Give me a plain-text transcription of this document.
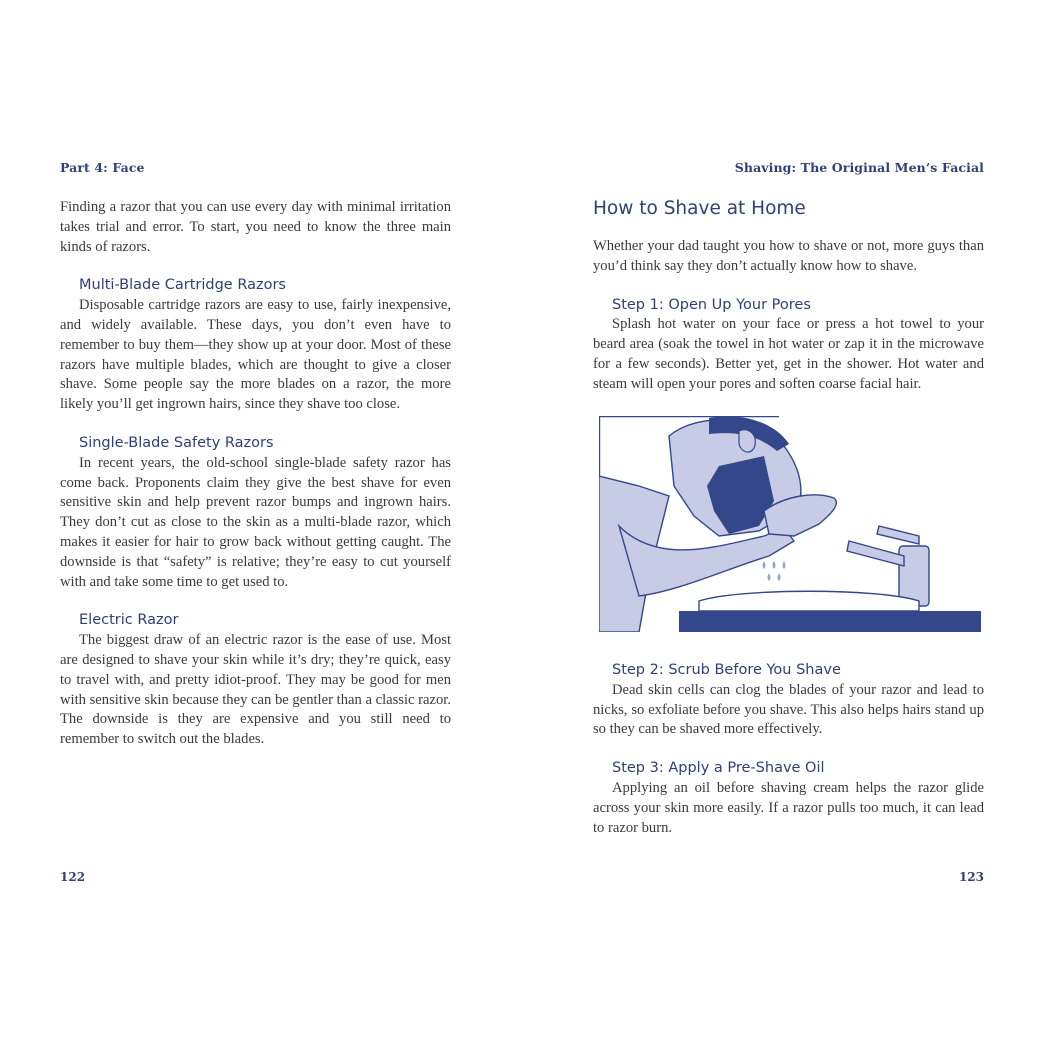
Part 4: Face

Finding a razor that you can use every day with minimal irritation takes trial and error. To start, you need to know the three main kinds of razors.

Multi-Blade Cartridge Razors

Disposable cartridge razors are easy to use, fairly inexpensive, and widely available. These days, you don’t even have to remember to buy them—they show up at your door. Most of these razors have multiple blades, which are thought to give a closer shave. Some people say the more blades on a razor, the more likely you’ll get ingrown hairs, since they shave too close.

Single-Blade Safety Razors

In recent years, the old-school single-blade safety razor has come back. Proponents claim they give the best shave for even sensitive skin and help prevent razor bumps and ingrown hairs. They don’t cut as close to the skin as a multi-blade razor, which makes it easier for hair to grow back without getting caught. The downside is that “safety” is relative; they’re easy to cut yourself with and take some time to get used to.

Electric Razor

The biggest draw of an electric razor is the ease of use. Most are designed to shave your skin while it’s dry; they’re quick, easy to travel with, and pretty idiot-proof. They may be good for men with sensitive skin because they can be gentler than a classic razor. The downside is they are expensive and you still need to remember to switch out the blades.

122
Shaving: The Original Men’s Facial
How to Shave at Home

Whether your dad taught you how to shave or not, more guys than you’d think say they don’t actually know how to shave.

Step 1: Open Up Your Pores

Splash hot water on your face or press a hot towel to your beard area (soak the towel in hot water or zap it in the microwave for a few seconds). Better yet, get in the shower. Hot water and steam will open your pores and soften coarse facial hair.

Step 2: Scrub Before You Shave

Dead skin cells can clog the blades of your razor and lead to nicks, so exfoliate before you shave. This also helps hairs stand up so they can be shaved more effectively.

Step 3: Apply a Pre-Shave Oil

Applying an oil before shaving cream helps the razor glide across your skin more easily. If a razor pulls too much, it can lead to razor burn.

123
